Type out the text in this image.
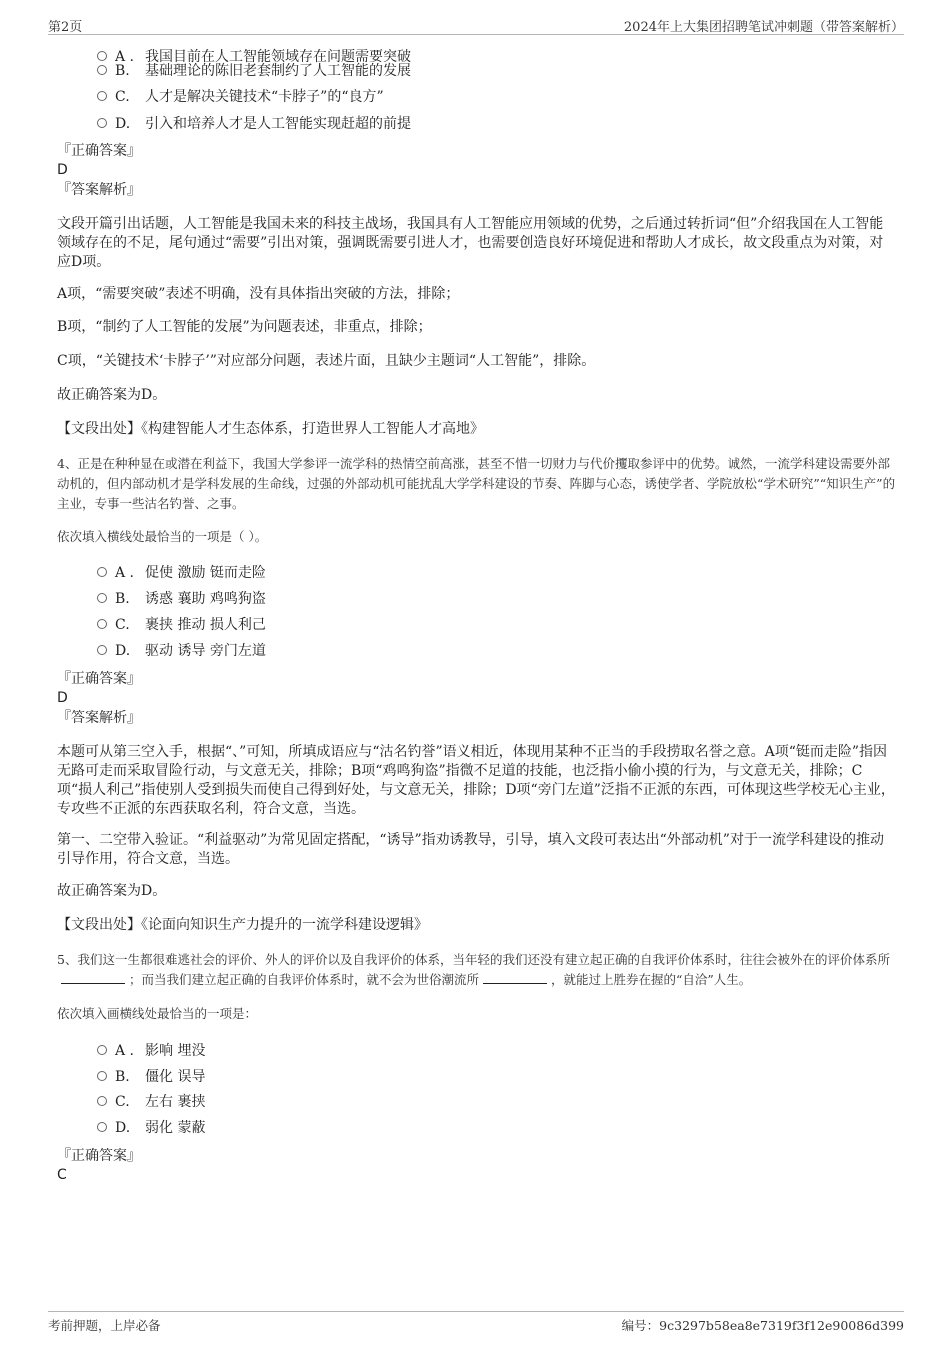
第2页	2024年上大集团招聘笔试冲刺题（带答案解析）
A . 我国目前在人工智能领域存在问题需要突破
B. 基础理论的陈旧老套制约了人工智能的发展
C. 人才是解决关键技术“卡脖子”的“良方”
D. 引入和培养人才是人工智能实现赶超的前提
『正确答案』
D
『答案解析』
文段开篇引出话题，人工智能是我国未来的科技主战场，我国具有人工智能应用领域的优势，之后通过转折词“但”介绍我国在人工智能领域存在的不足，尾句通过“需要”引出对策，强调既需要引进人才，也需要创造良好环境促进和帮助人才成长，故文段重点为对策，对应D项。
A项，“需要突破”表述不明确，没有具体指出突破的方法，排除；
B项，“制约了人工智能的发展”为问题表述，非重点，排除；
C项，“关键技术‘卡脖子’”对应部分问题，表述片面，且缺少主题词“人工智能”，排除。
故正确答案为D。
【文段出处】《构建智能人才生态体系，打造世界人工智能人才高地》
4、正是在种种显在或潜在利益下，我国大学参评一流学科的热情空前高涨，甚至不惜一切财力与代价攫取参评中的优势。诚然，一流学科建设需要外部动机的，但内部动机才是学科发展的生命线，过强的外部动机可能扰乱大学学科建设的节奏、阵脚与心态，诱使学者、学院放松“学术研究”“知识生产”的主业，专事一些沽名钓誉、之事。
依次填入横线处最恰当的一项是（ ）。
A . 促使 激励 铤而走险
B. 诱惑 襄助 鸡鸣狗盗
C. 裹挟 推动 损人利己
D. 驱动 诱导 旁门左道
『正确答案』
D
『答案解析』
本题可从第三空入手，根据“、”可知，所填成语应与“沽名钓誉”语义相近，体现用某种不正当的手段捞取名誉之意。A项“铤而走险”指因无路可走而采取冒险行动，与文意无关，排除；B项“鸡鸣狗盗”指微不足道的技能，也泛指小偷小摸的行为，与文意无关，排除；C项“损人利己”指使别人受到损失而使自己得到好处，与文意无关，排除；D项“旁门左道”泛指不正派的东西，可体现这些学校无心主业，专攻些不正派的东西获取名利，符合文意，当选。
第一、二空带入验证。“利益驱动”为常见固定搭配，“诱导”指劝诱教导，引导，填入文段可表达出“外部动机”对于一流学科建设的推动引导作用，符合文意，当选。
故正确答案为D。
【文段出处】《论面向知识生产力提升的一流学科建设逻辑》
5、我们这一生都很难逃社会的评价、外人的评价以及自我评价的体系，当年轻的我们还没有建立起正确的自我评价体系时，往往会被外在的评价体系所；而当我们建立起正确的自我评价体系时，就不会为世俗潮流所	，就能过上胜券在握的“自洽”人生。
依次填入画横线处最恰当的一项是：
A . 影响 埋没
B. 僵化 误导
C. 左右 裹挟
D. 弱化 蒙蔽
『正确答案』
C
考前押题，上岸必备	编号：9c3297b58ea8e7319f3f12e90086d399
